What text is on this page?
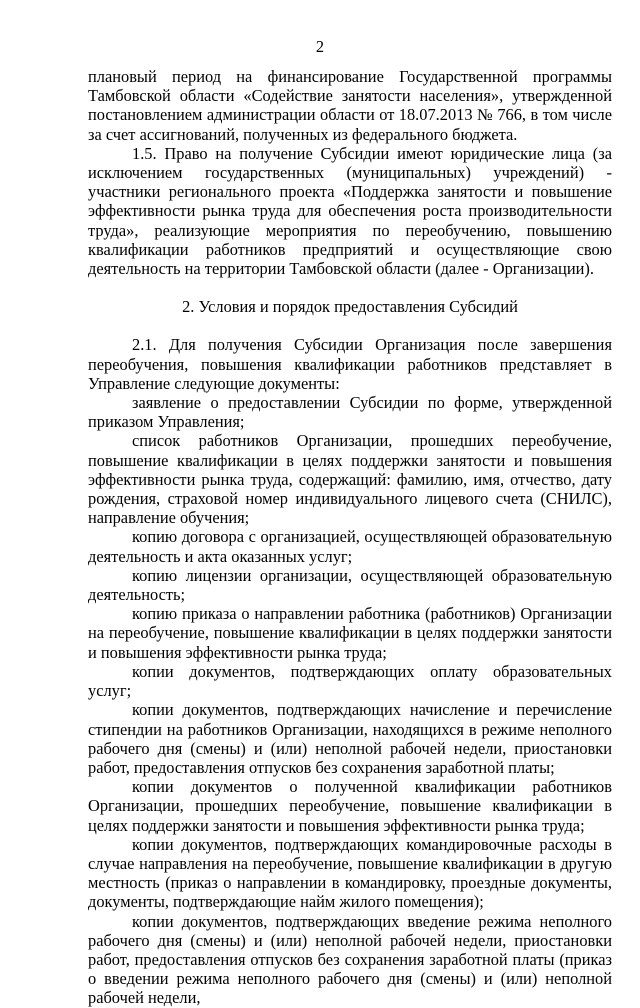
2

плановый период на финансирование Государственной программы Тамбовской области «Содействие занятости населения», утвержденной постановлением администрации области от 18.07.2013 № 766, в том числе за счет ассигнований, полученных из федерального бюджета.

1.5. Право на получение Субсидии имеют юридические лица (за исключением государственных (муниципальных) учреждений) - участники регионального проекта «Поддержка занятости и повышение эффективности рынка труда для обеспечения роста производительности труда», реализующие мероприятия по переобучению, повышению квалификации работников предприятий и осуществляющие свою деятельность на территории Тамбовской области (далее - Организации).

2. Условия и порядок предоставления Субсидий

2.1. Для получения Субсидии Организация после завершения переобучения, повышения квалификации работников представляет в Управление следующие документы:

заявление о предоставлении Субсидии по форме, утвержденной приказом Управления;

список работников Организации, прошедших переобучение, повышение квалификации в целях поддержки занятости и повышения эффективности рынка труда, содержащий: фамилию, имя, отчество, дату рождения, страховой номер индивидуального лицевого счета (СНИЛС), направление обучения;

копию договора с организацией, осуществляющей образовательную деятельность и акта оказанных услуг;

копию лицензии организации, осуществляющей образовательную деятельность;

копию приказа о направлении работника (работников) Организации на переобучение, повышение квалификации в целях поддержки занятости и повышения эффективности рынка труда;

копии документов, подтверждающих оплату образовательных услуг;

копии документов, подтверждающих начисление и перечисление стипендии на работников Организации, находящихся в режиме неполного рабочего дня (смены) и (или) неполной рабочей недели, приостановки работ, предоставления отпусков без сохранения заработной платы;

копии документов о полученной квалификации работников Организации, прошедших переобучение, повышение квалификации в целях поддержки занятости и повышения эффективности рынка труда;

копии документов, подтверждающих командировочные расходы в случае направления на переобучение, повышение квалификации в другую местность (приказ о направлении в командировку, проездные документы, документы, подтверждающие найм жилого помещения);

копии документов, подтверждающих введение режима неполного рабочего дня (смены) и (или) неполной рабочей недели, приостановки работ, предоставления отпусков без сохранения заработной платы (приказ о введении режима неполного рабочего дня (смены) и (или) неполной рабочей недели,
